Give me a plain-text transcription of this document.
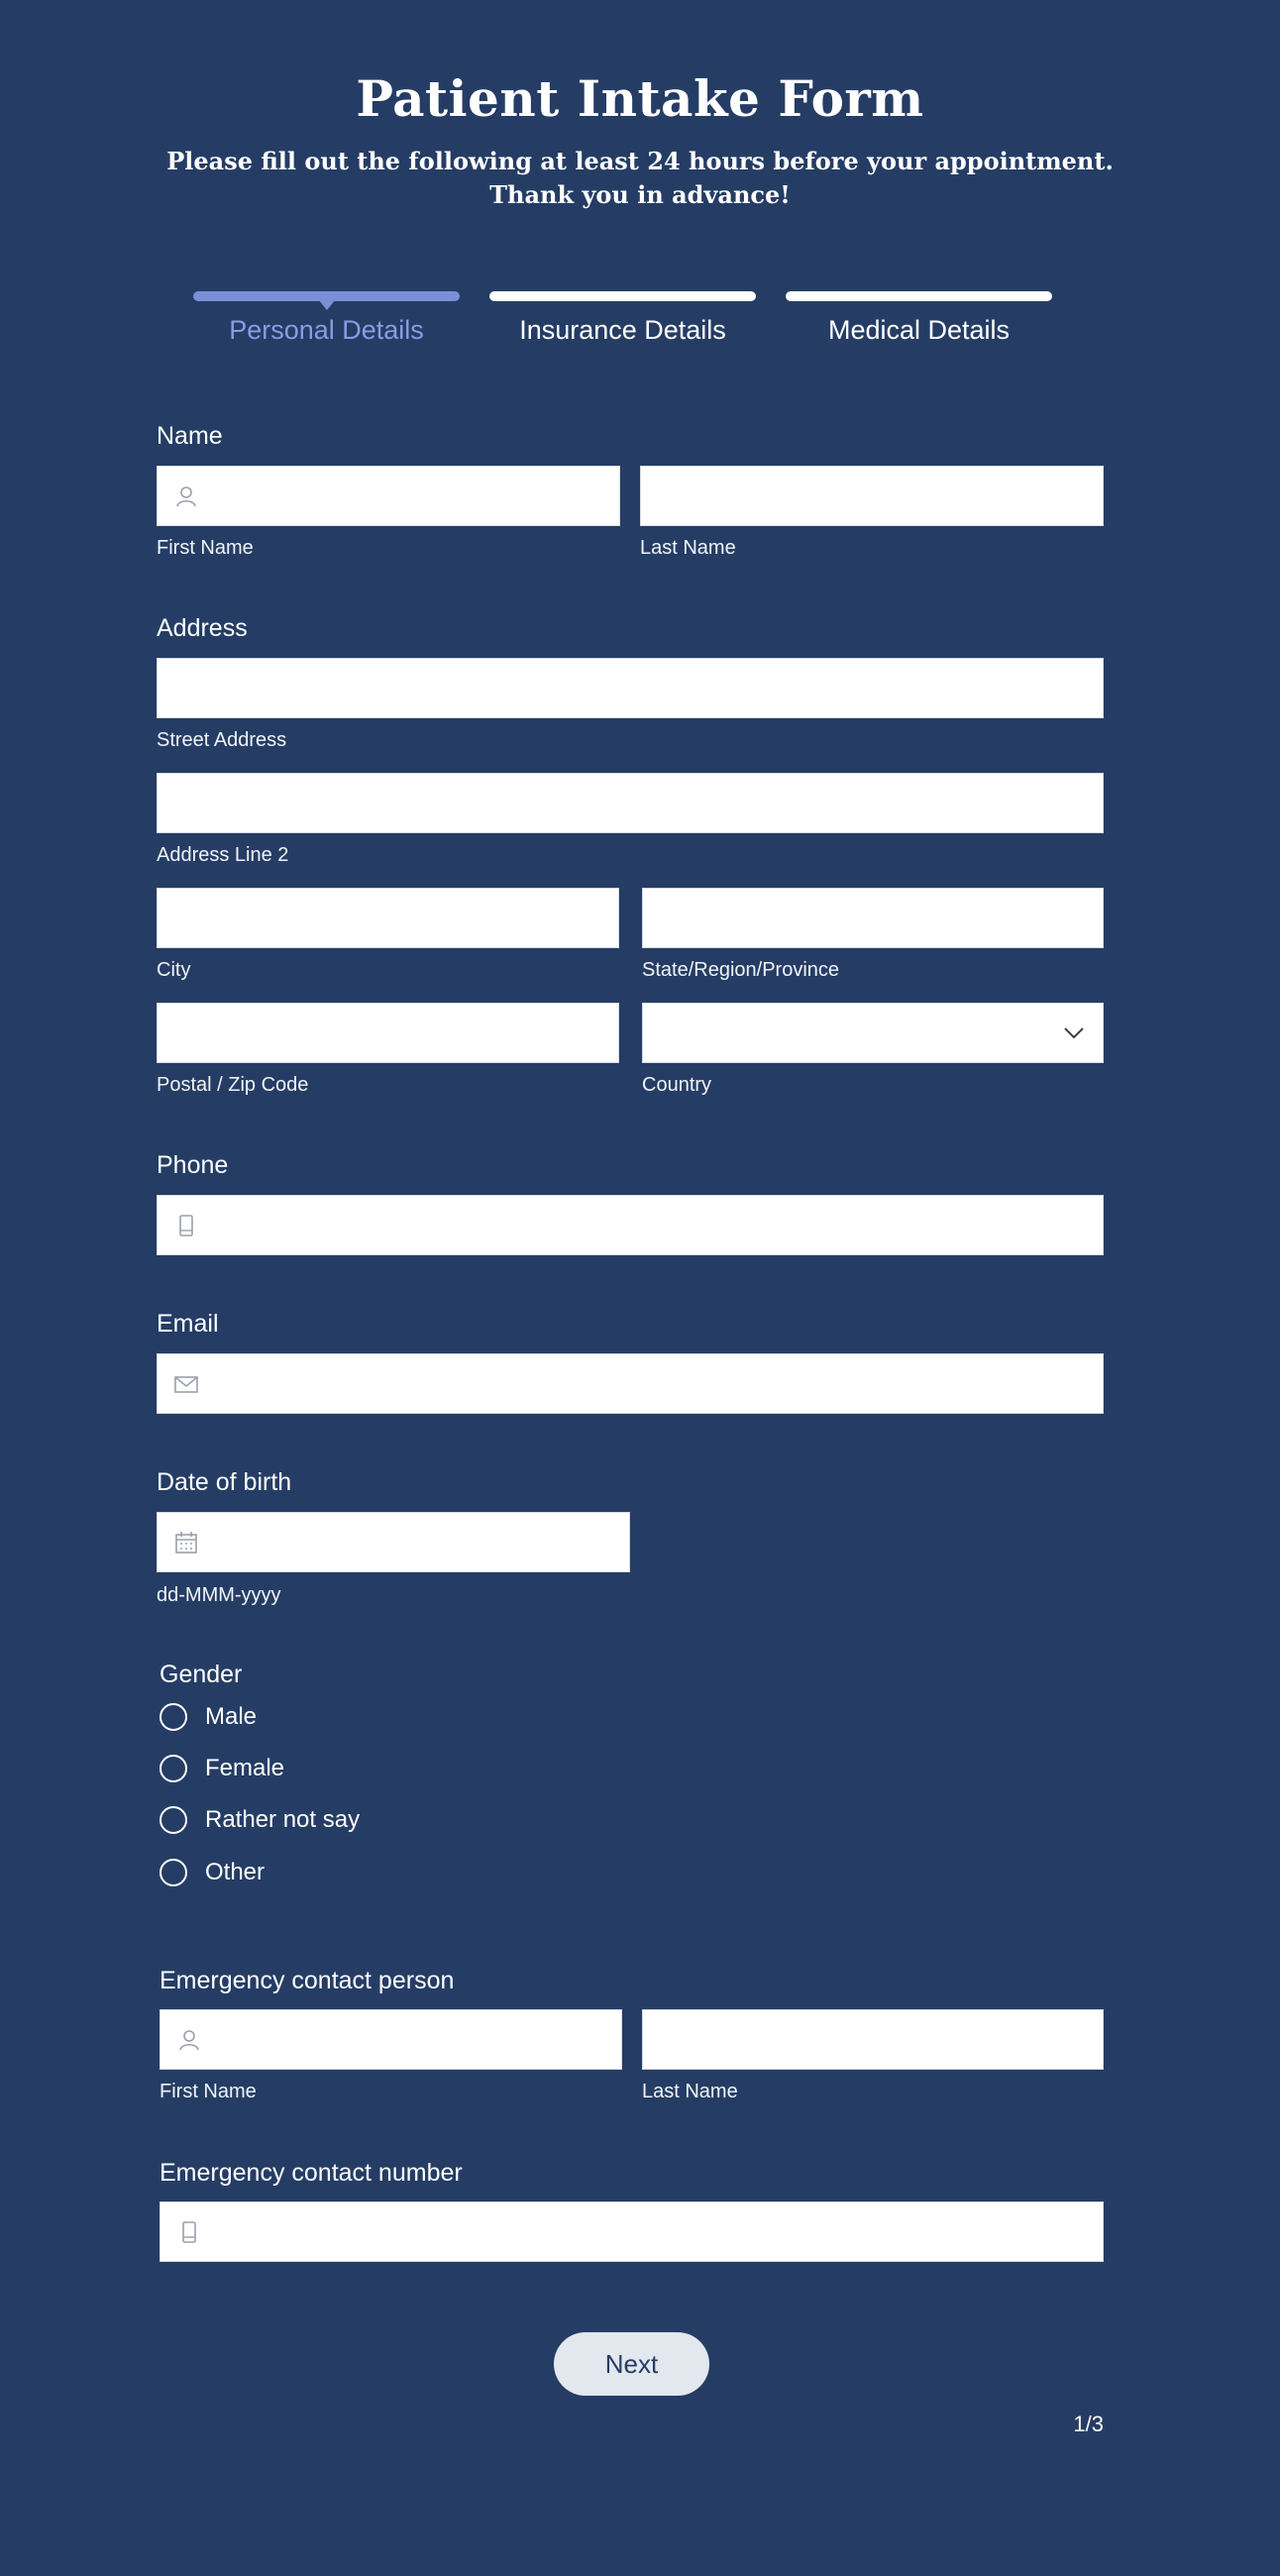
Patient Intake Form
Please fill out the following at least 24 hours before your appointment. Thank you in advance!
Personal Details	Insurance Details	Medical Details
Name
First Name	Last Name
Address
Street Address
Address Line 2
City	State/Region/Province
Postal / Zip Code	Country
Phone
Email
Date of birth
dd-MMM-yyyy
Gender
Male
Female
Rather not say
Other
Emergency contact person
First Name	Last Name
Emergency contact number
Next
1/3
